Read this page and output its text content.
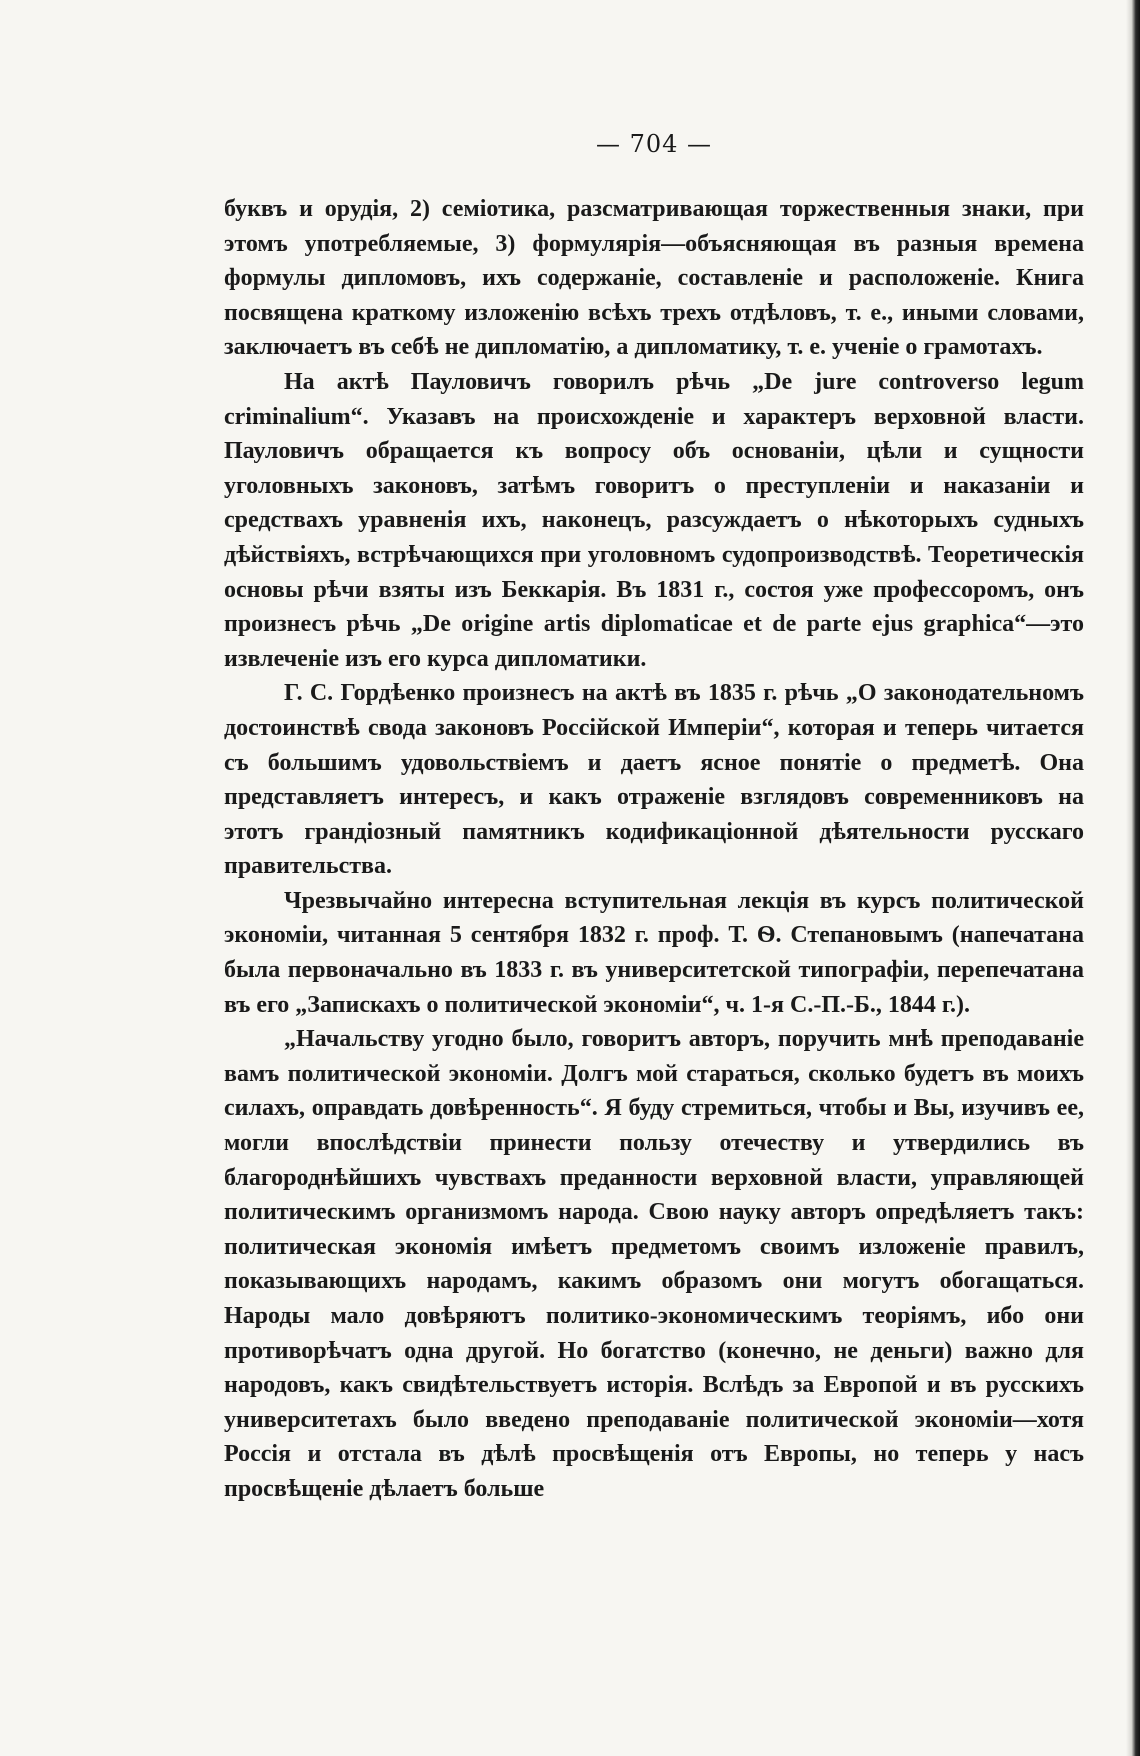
— 704 —

буквъ и орудія, 2) семіотика, разсматривающая торжественныя знаки, при этомъ употребляемые, 3) формулярія—объясняющая въ разныя времена формулы дипломовъ, ихъ содержаніе, составленіе и расположеніе. Книга посвящена краткому изложенію всѣхъ трехъ отдѣловъ, т. е., иными словами, заключаетъ въ себѣ не дипломатію, а дипломатику, т. е. ученіе о грамотахъ.

На актѣ Пауловичъ говорилъ рѣчь „De jure controverso legum criminalium“. Указавъ на происхожденіе и характеръ верховной власти. Пауловичъ обращается къ вопросу объ основаніи, цѣли и сущности уголовныхъ законовъ, затѣмъ говоритъ о преступленіи и наказаніи и средствахъ уравненія ихъ, наконецъ, разсуждаетъ о нѣкоторыхъ судныхъ дѣйствіяхъ, встрѣчающихся при уголовномъ судопроизводствѣ. Теоретическія основы рѣчи взяты изъ Беккарія. Въ 1831 г., состоя уже профессоромъ, онъ произнесъ рѣчь „De origine artis diplomaticae et de parte ejus graphica“—это извлеченіе изъ его курса дипломатики.

Г. С. Гордѣенко произнесъ на актѣ въ 1835 г. рѣчь „О законодательномъ достоинствѣ свода законовъ Россійской Имперіи“, которая и теперь читается съ большимъ удовольствіемъ и даетъ ясное понятіе о предметѣ. Она представляетъ интересъ, и какъ отраженіе взглядовъ современниковъ на этотъ грандіозный памятникъ кодификаціонной дѣятельности русскаго правительства.

Чрезвычайно интересна вступительная лекція въ курсъ политической экономіи, читанная 5 сентября 1832 г. проф. Т. Ѳ. Степановымъ (напечатана была первоначально въ 1833 г. въ университетской типографіи, перепечатана въ его „Запискахъ о политической экономіи“, ч. 1-я С.-П.-Б., 1844 г.).

„Начальству угодно было, говоритъ авторъ, поручить мнѣ преподаваніе вамъ политической экономіи. Долгъ мой стараться, сколько будетъ въ моихъ силахъ, оправдать довѣренность“. Я буду стремиться, чтобы и Вы, изучивъ ее, могли впослѣдствіи принести пользу отечеству и утвердились въ благороднѣйшихъ чувствахъ преданности верховной власти, управляющей политическимъ организмомъ народа. Свою науку авторъ опредѣляетъ такъ: политическая экономія имѣетъ предметомъ своимъ изложеніе правилъ, показывающихъ народамъ, какимъ образомъ они могутъ обогащаться. Народы мало довѣряютъ политико-экономическимъ теоріямъ, ибо они противорѣчатъ одна другой. Но богатство (конечно, не деньги) важно для народовъ, какъ свидѣтельствуетъ исторія. Вслѣдъ за Европой и въ русскихъ университетахъ было введено преподаваніе политической экономіи—хотя Россія и отстала въ дѣлѣ просвѣщенія отъ Европы, но теперь у насъ просвѣщеніе дѣлаетъ больше
